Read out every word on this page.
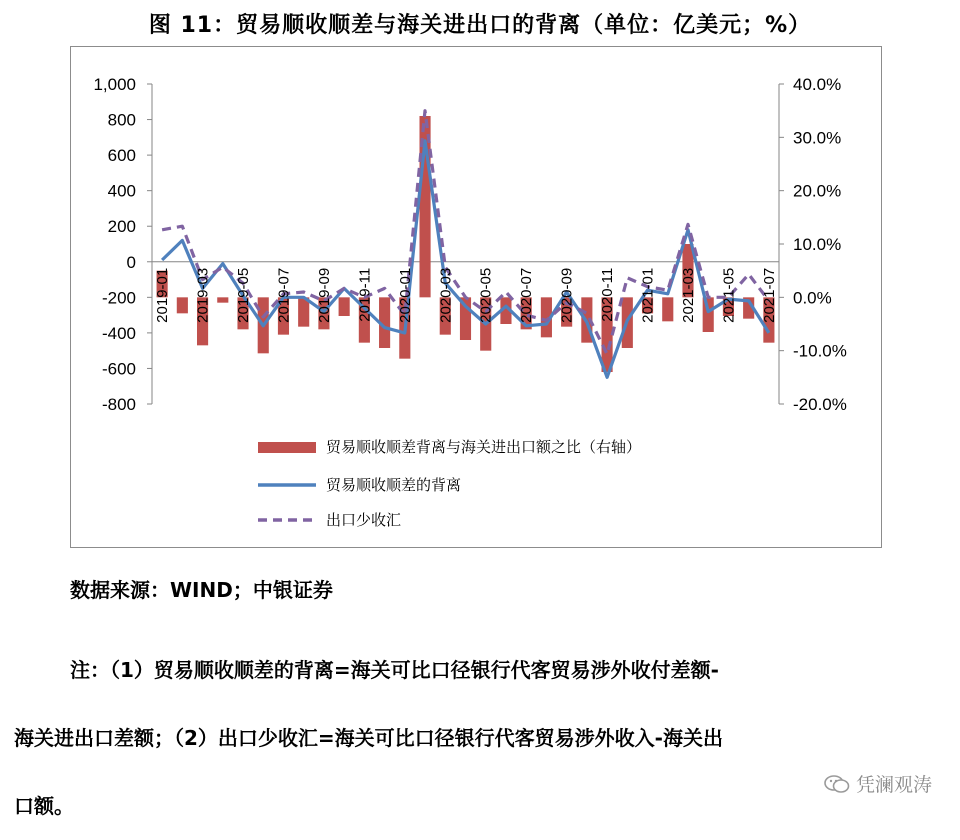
图 11：贸易顺收顺差与海关进出口的背离（单位：亿美元；%）
1,000
800
600
400
200
0
-200
-400
-600
-800
40.0%
30.0%
20.0%
10.0%
0.0%
-10.0%
-20.0%
2019-01 2019-03 2019-05 2019-07 2019-09 2019-11 2020-01 2020-03 2020-05 2020-07 2020-09 2020-11 2021-01 2021-03 2021-05 2021-07
贸易顺收顺差背离与海关进出口额之比（右轴）
贸易顺收顺差的背离
出口少收汇
数据来源：WIND；中银证券
注：（1）贸易顺收顺差的背离=海关可比口径银行代客贸易涉外收付差额-
海关进出口差额；（2）出口少收汇=海关可比口径银行代客贸易涉外收入-海关出
口额。
凭澜观涛
